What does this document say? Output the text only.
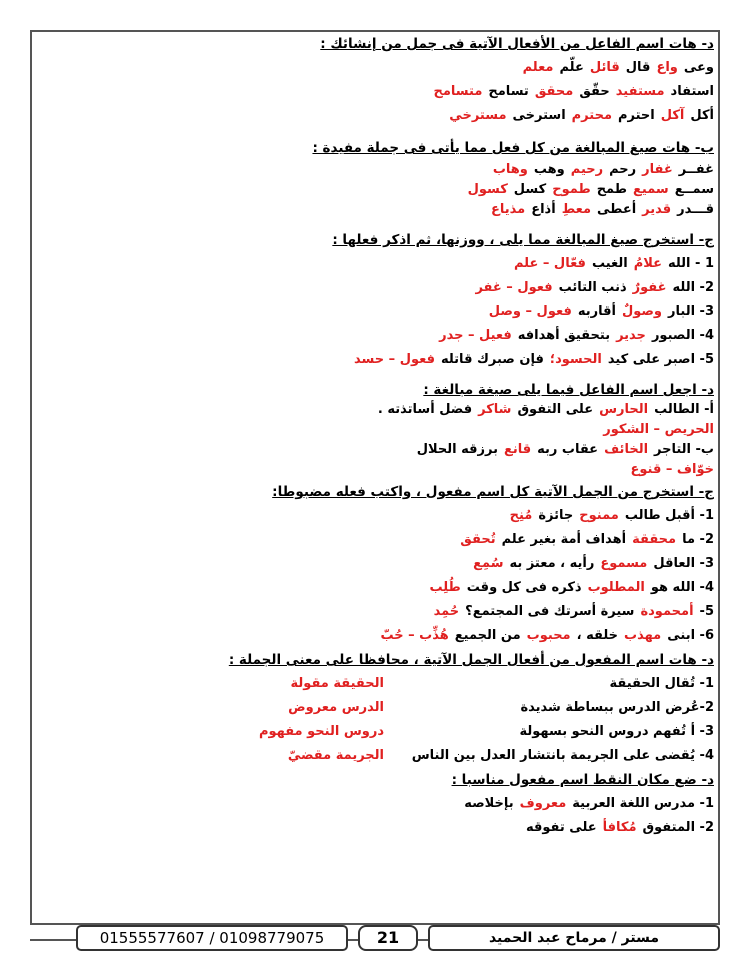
د- هات اسم الفاعل من الأفعال الآتية فى جمل من إنشائك :
وعىواعقالقائلعلّممعلم
استفادمستفيدحقّقمحققتسامحمتسامح
أكلآكلاحترممحترماسترخىمسترخي
ب- هات صيغ المبالغة من كل فعل مما يأتى فى جملة مفيدة :
غفــرغفاررحمرحيموهبوهاب
سمــعسميعطمحطموحكسلكسول
قـــدرقديرأعطىمعطِأذاعمذياع
ج- استخرج صيغ المبالغة مما يلى ، ووزنها، ثم اذكر فعلها :
1 - اللهعلامُالغيبفعّال – علم
2- اللهغفورٌذنب التائبفعول – غفر
3- الباروصولٌأقاربهفعول – وصل
4- الصبورجديربتحقيق أهدافهفعيل – جدر
5- اصبر على كيدالحسود؛فإن صبرك قاتلهفعول – حسد
د- اجعل اسم الفاعل فيما يلى صيغة مبالغة :
أ- الطالبالحارسعلى التفوقشاكرفضل أساتذته .
الحريص – الشكور
ب- التاجرالخائفعقاب ربهقانعبرزقه الحلال
خوّاف – قنوع
ج- استخرج من الجمل الآتية كل اسم مفعول ، واكتب فعله مضبوطا:
1- أقبل طالبممنوحجائزةمُنِح
2- مامحققةأهداف أمة بغير علمتُحقق
3- العاقلمسموعرأيه ، معتز بهسُمِع
4- الله هوالمطلوبذكره فى كل وقتطُلِب
5-أمحمودةسيرة أسرتك فى المجتمع؟حُمِد
6- ابنىمهذبخلقه ،محبوبمن الجميعهُذِّب – حُبّ
د- هات اسم المفعول من أفعال الجمل الآتية ، محافظا على معنى الجملة :
1- تُقال الحقيقة
الحقيقة مقولة
2-عُرض الدرس ببساطة شديدة
الدرس معروض
3- أ تُفهم دروس النحو بسهولة
دروس النحو مفهوم
4- يُقضى على الجريمة بانتشار العدل بين الناس
الجريمة مقضيّ
د- ضع مكان النقط اسم مفعول مناسبا :
1- مدرس اللغة العربيةمعروفبإخلاصه
2- المتفوقمُكافأعلى تفوقه
01555577607 / 01098779075	21	مستر / مرماح عبد الحميد
